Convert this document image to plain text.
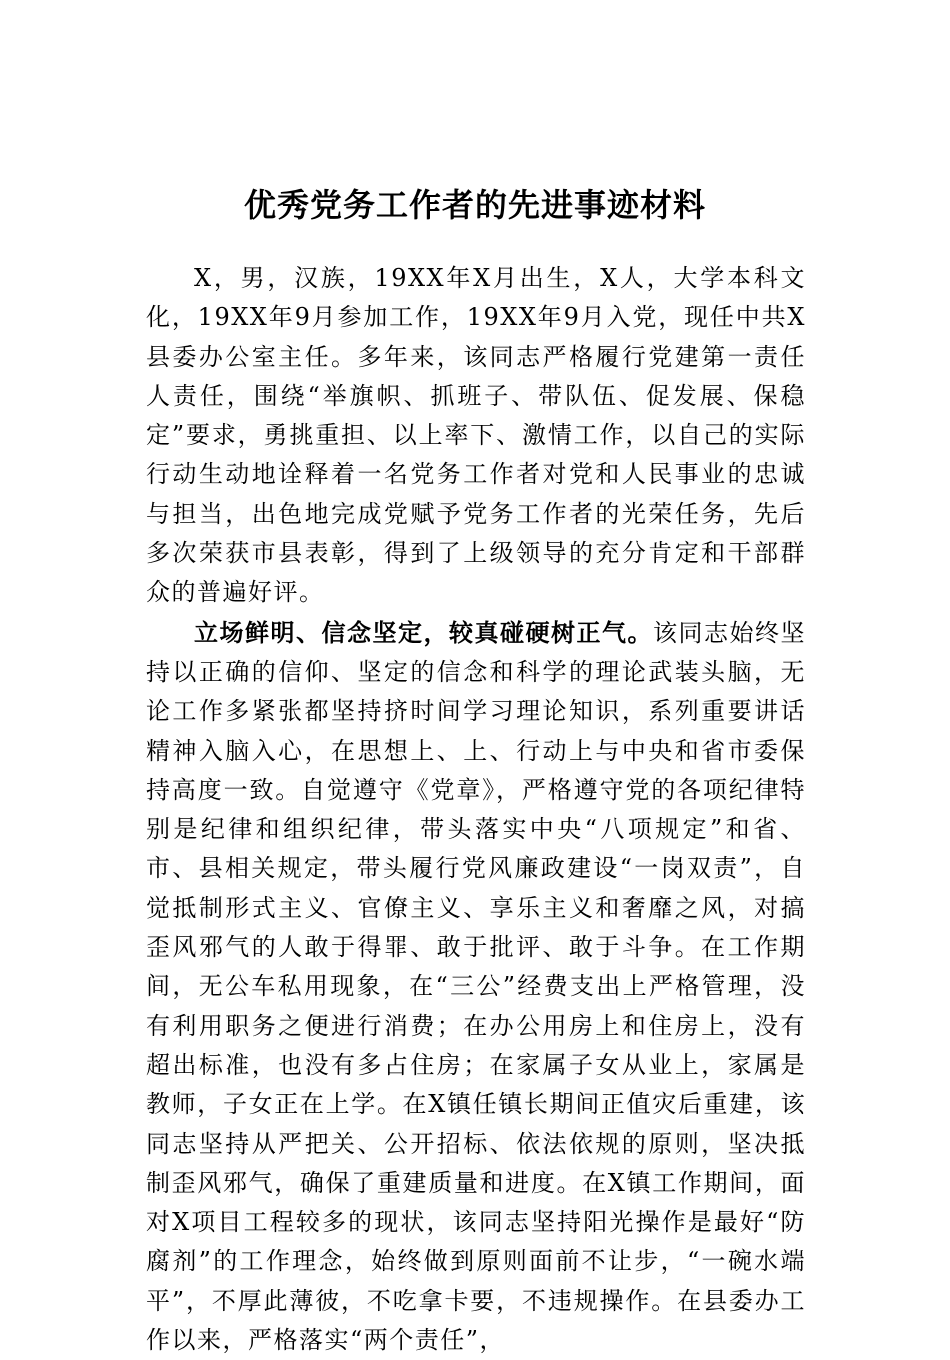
优秀党务工作者的先进事迹材料

X，男，汉族，19XX年X月出生，X人，大学本科文化，19XX年9月参加工作，19XX年9月入党，现任中共X县委办公室主任。多年来，该同志严格履行党建第一责任人责任，围绕“举旗帜、抓班子、带队伍、促发展、保稳定”要求，勇挑重担、以上率下、激情工作，以自己的实际行动生动地诠释着一名党务工作者对党和人民事业的忠诚与担当，出色地完成党赋予党务工作者的光荣任务，先后多次荣获市县表彰，得到了上级领导的充分肯定和干部群众的普遍好评。

立场鲜明、信念坚定，较真碰硬树正气。该同志始终坚持以正确的信仰、坚定的信念和科学的理论武装头脑，无论工作多紧张都坚持挤时间学习理论知识，系列重要讲话精神入脑入心，在思想上、上、行动上与中央和省市委保持高度一致。自觉遵守《党章》，严格遵守党的各项纪律特别是纪律和组织纪律，带头落实中央“八项规定”和省、市、县相关规定，带头履行党风廉政建设“一岗双责”，自觉抵制形式主义、官僚主义、享乐主义和奢靡之风，对搞歪风邪气的人敢于得罪、敢于批评、敢于斗争。在工作期间，无公车私用现象，在“三公”经费支出上严格管理，没有利用职务之便进行消费；在办公用房上和住房上，没有超出标准，也没有多占住房；在家属子女从业上，家属是教师，子女正在上学。在X镇任镇长期间正值灾后重建，该同志坚持从严把关、公开招标、依法依规的原则，坚决抵制歪风邪气，确保了重建质量和进度。在X镇工作期间，面对X项目工程较多的现状，该同志坚持阳光操作是最好“防腐剂”的工作理念，始终做到原则面前不让步，“一碗水端平”，不厚此薄彼，不吃拿卡要，不违规操作。在县委办工作以来，严格落实“两个责任”，
